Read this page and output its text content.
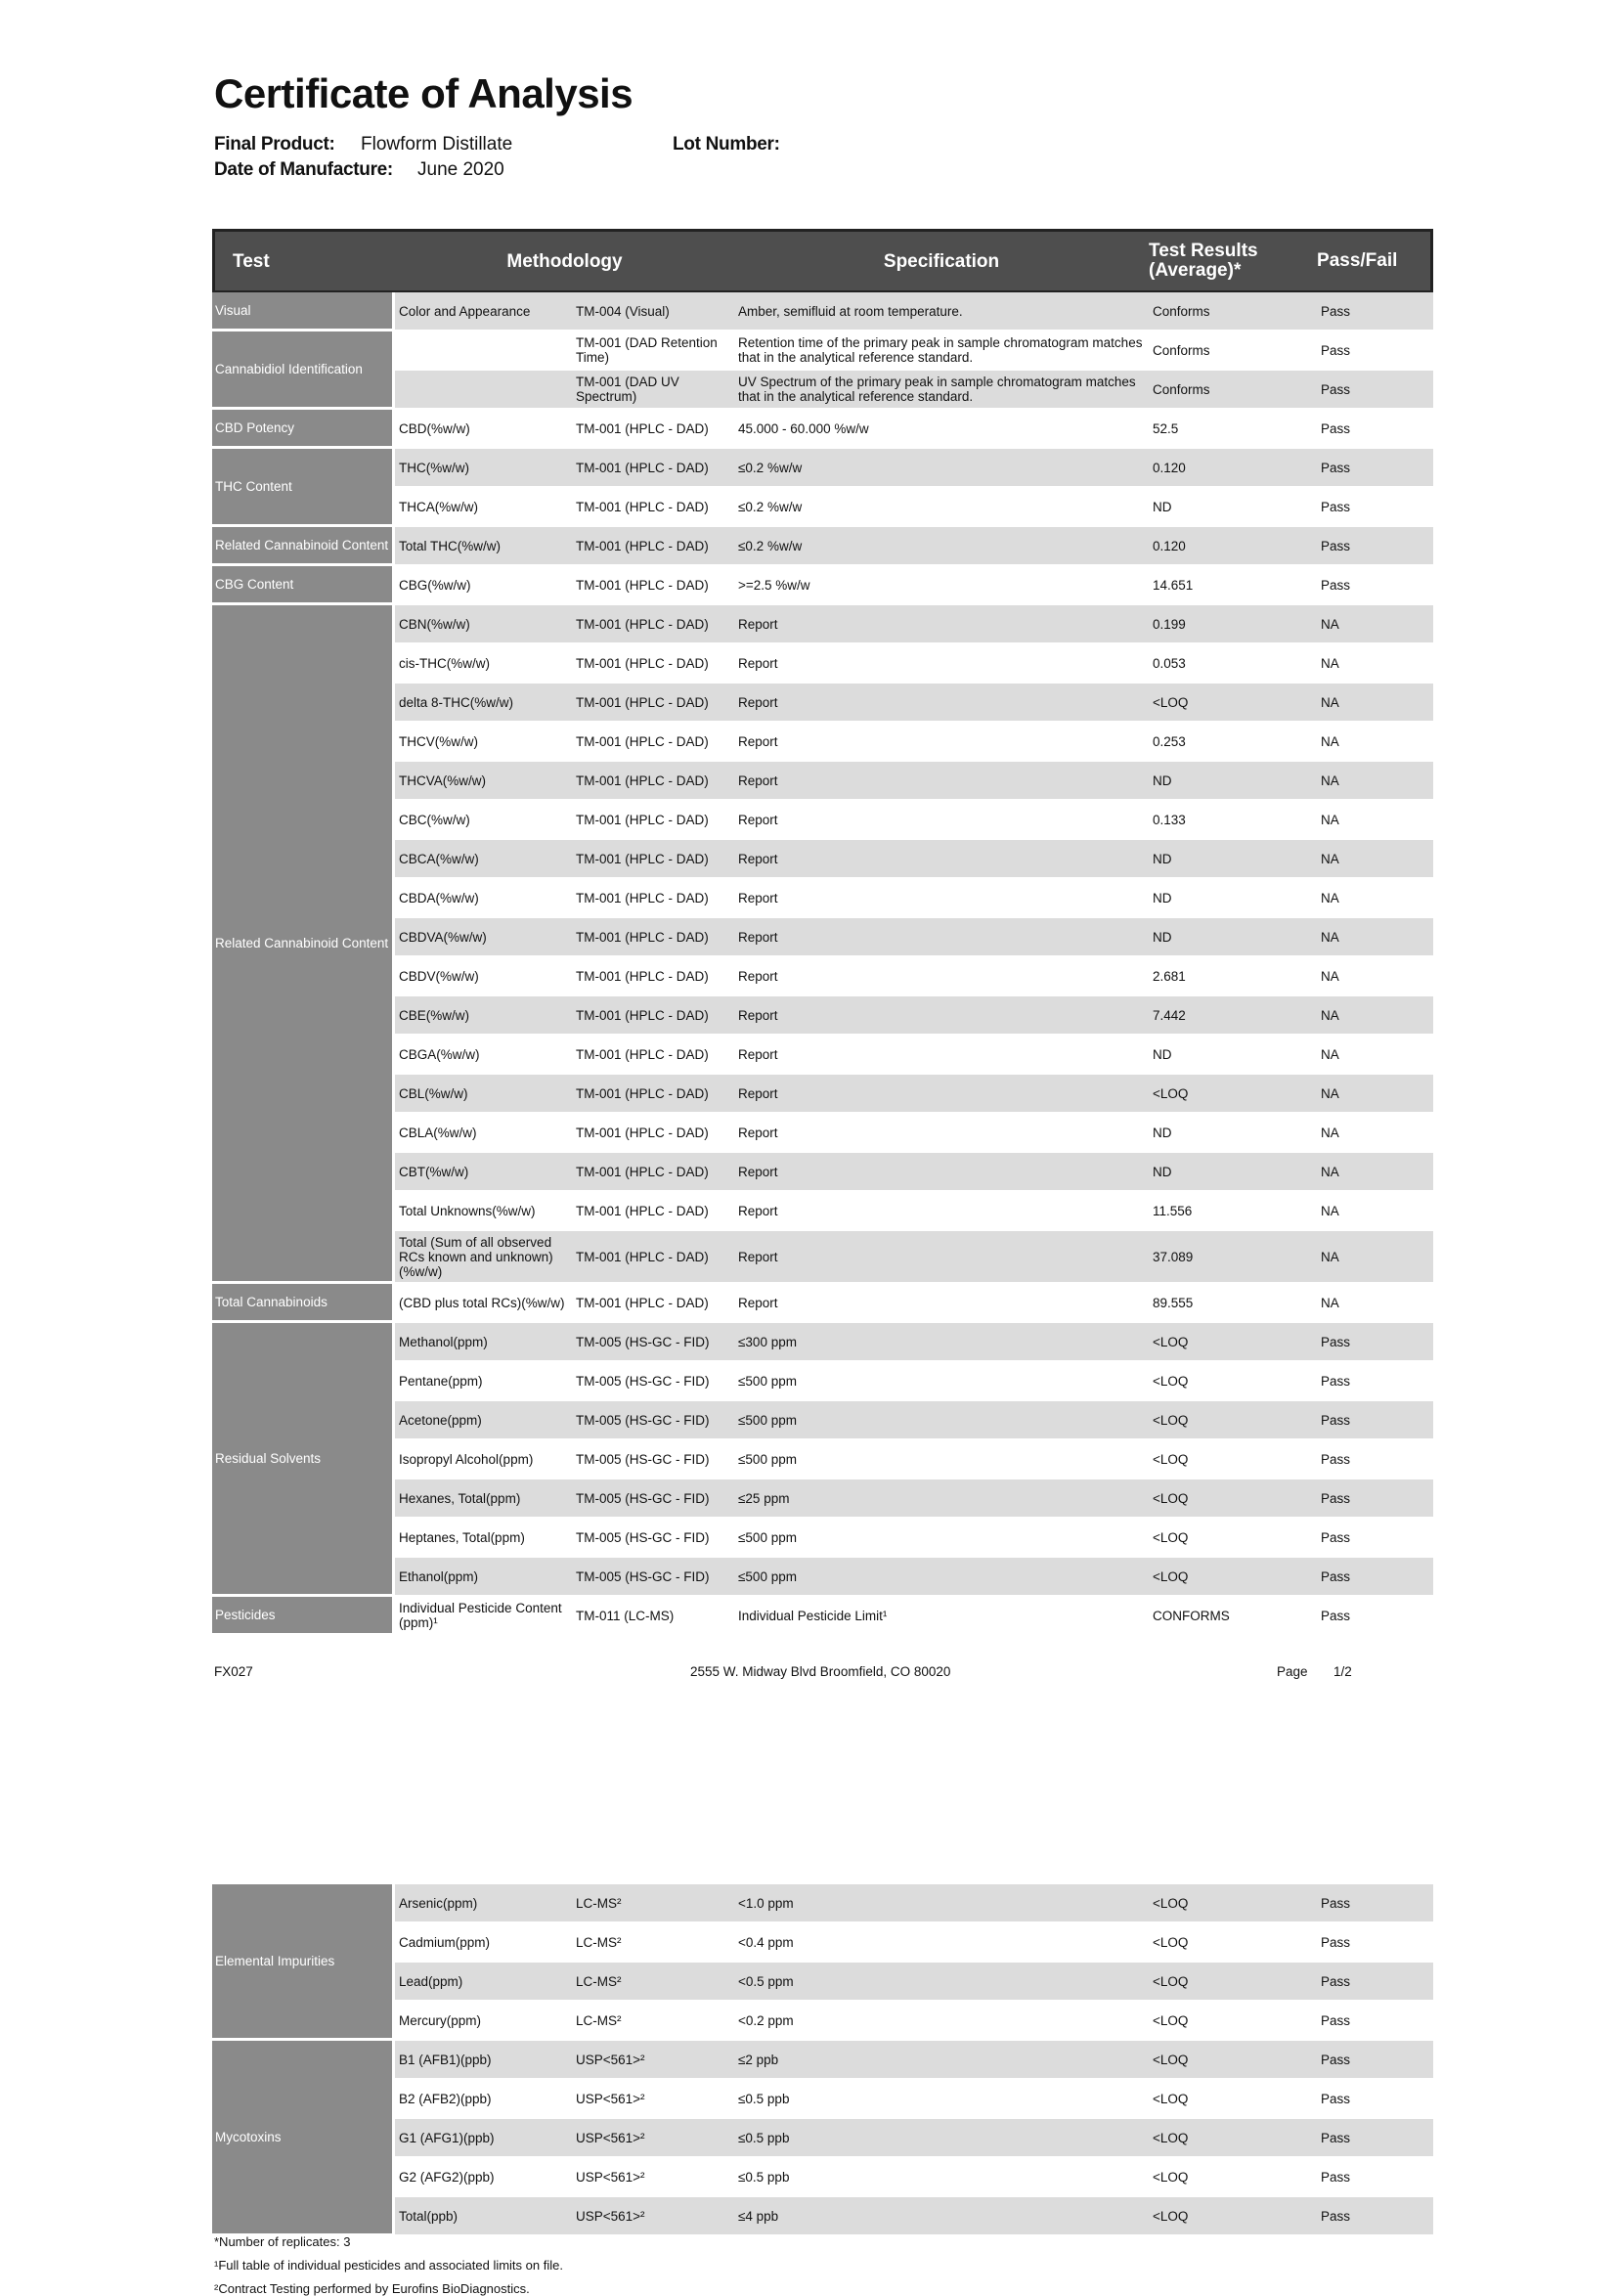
Certificate of Analysis
Final Product: Flowform Distillate	Lot Number:
Date of Manufacture: June 2020
Test	Methodology		Specification	Test Results (Average)*	Pass/Fail
Visual	Color and Appearance	TM-004 (Visual)	Amber, semifluid at room temperature.	Conforms	Pass
Cannabidiol Identification		TM-001 (DAD Retention Time)	Retention time of the primary peak in sample chromatogram matches that in the analytical reference standard.	Conforms	Pass
		TM-001 (DAD UV Spectrum)	UV Spectrum of the primary peak in sample chromatogram matches that in the analytical reference standard.	Conforms	Pass
CBD Potency	CBD(%w/w)	TM-001 (HPLC - DAD)	45.000 - 60.000 %w/w	52.5	Pass
THC Content	THC(%w/w)	TM-001 (HPLC - DAD)	≤0.2 %w/w	0.120	Pass
	THCA(%w/w)	TM-001 (HPLC - DAD)	≤0.2 %w/w	ND	Pass
Related Cannabinoid Content	Total THC(%w/w)	TM-001 (HPLC - DAD)	≤0.2 %w/w	0.120	Pass
CBG Content	CBG(%w/w)	TM-001 (HPLC - DAD)	>=2.5 %w/w	14.651	Pass
Related Cannabinoid Content	CBN(%w/w)	TM-001 (HPLC - DAD)	Report	0.199	NA
	cis-THC(%w/w)	TM-001 (HPLC - DAD)	Report	0.053	NA
	delta 8-THC(%w/w)	TM-001 (HPLC - DAD)	Report	<LOQ	NA
	THCV(%w/w)	TM-001 (HPLC - DAD)	Report	0.253	NA
	THCVA(%w/w)	TM-001 (HPLC - DAD)	Report	ND	NA
	CBC(%w/w)	TM-001 (HPLC - DAD)	Report	0.133	NA
	CBCA(%w/w)	TM-001 (HPLC - DAD)	Report	ND	NA
	CBDA(%w/w)	TM-001 (HPLC - DAD)	Report	ND	NA
	CBDVA(%w/w)	TM-001 (HPLC - DAD)	Report	ND	NA
	CBDV(%w/w)	TM-001 (HPLC - DAD)	Report	2.681	NA
	CBE(%w/w)	TM-001 (HPLC - DAD)	Report	7.442	NA
	CBGA(%w/w)	TM-001 (HPLC - DAD)	Report	ND	NA
	CBL(%w/w)	TM-001 (HPLC - DAD)	Report	<LOQ	NA
	CBLA(%w/w)	TM-001 (HPLC - DAD)	Report	ND	NA
	CBT(%w/w)	TM-001 (HPLC - DAD)	Report	ND	NA
	Total Unknowns(%w/w)	TM-001 (HPLC - DAD)	Report	11.556	NA
	Total (Sum of all observed RCs known and unknown)(%w/w)	TM-001 (HPLC - DAD)	Report	37.089	NA
Total Cannabinoids	(CBD plus total RCs)(%w/w)	TM-001 (HPLC - DAD)	Report	89.555	NA
Residual Solvents	Methanol(ppm)	TM-005 (HS-GC - FID)	≤300 ppm	<LOQ	Pass
	Pentane(ppm)	TM-005 (HS-GC - FID)	≤500 ppm	<LOQ	Pass
	Acetone(ppm)	TM-005 (HS-GC - FID)	≤500 ppm	<LOQ	Pass
	Isopropyl Alcohol(ppm)	TM-005 (HS-GC - FID)	≤500 ppm	<LOQ	Pass
	Hexanes, Total(ppm)	TM-005 (HS-GC - FID)	≤25 ppm	<LOQ	Pass
	Heptanes, Total(ppm)	TM-005 (HS-GC - FID)	≤500 ppm	<LOQ	Pass
	Ethanol(ppm)	TM-005 (HS-GC - FID)	≤500 ppm	<LOQ	Pass
Pesticides	Individual Pesticide Content (ppm)¹	TM-011 (LC-MS)	Individual Pesticide Limit¹	CONFORMS	Pass
FX027	2555 W. Midway Blvd Broomfield, CO 80020	Page 1/2
Elemental Impurities	Arsenic(ppm)	LC-MS²	<1.0 ppm	<LOQ	Pass
	Cadmium(ppm)	LC-MS²	<0.4 ppm	<LOQ	Pass
	Lead(ppm)	LC-MS²	<0.5 ppm	<LOQ	Pass
	Mercury(ppm)	LC-MS²	<0.2 ppm	<LOQ	Pass
Mycotoxins	B1 (AFB1)(ppb)	USP<561>²	≤2 ppb	<LOQ	Pass
	B2 (AFB2)(ppb)	USP<561>²	≤0.5 ppb	<LOQ	Pass
	G1 (AFG1)(ppb)	USP<561>²	≤0.5 ppb	<LOQ	Pass
	G2 (AFG2)(ppb)	USP<561>²	≤0.5 ppb	<LOQ	Pass
	Total(ppb)	USP<561>²	≤4 ppb	<LOQ	Pass
*Number of replicates: 3
¹Full table of individual pesticides and associated limits on file.
²Contract Testing performed by Eurofins BioDiagnostics.
